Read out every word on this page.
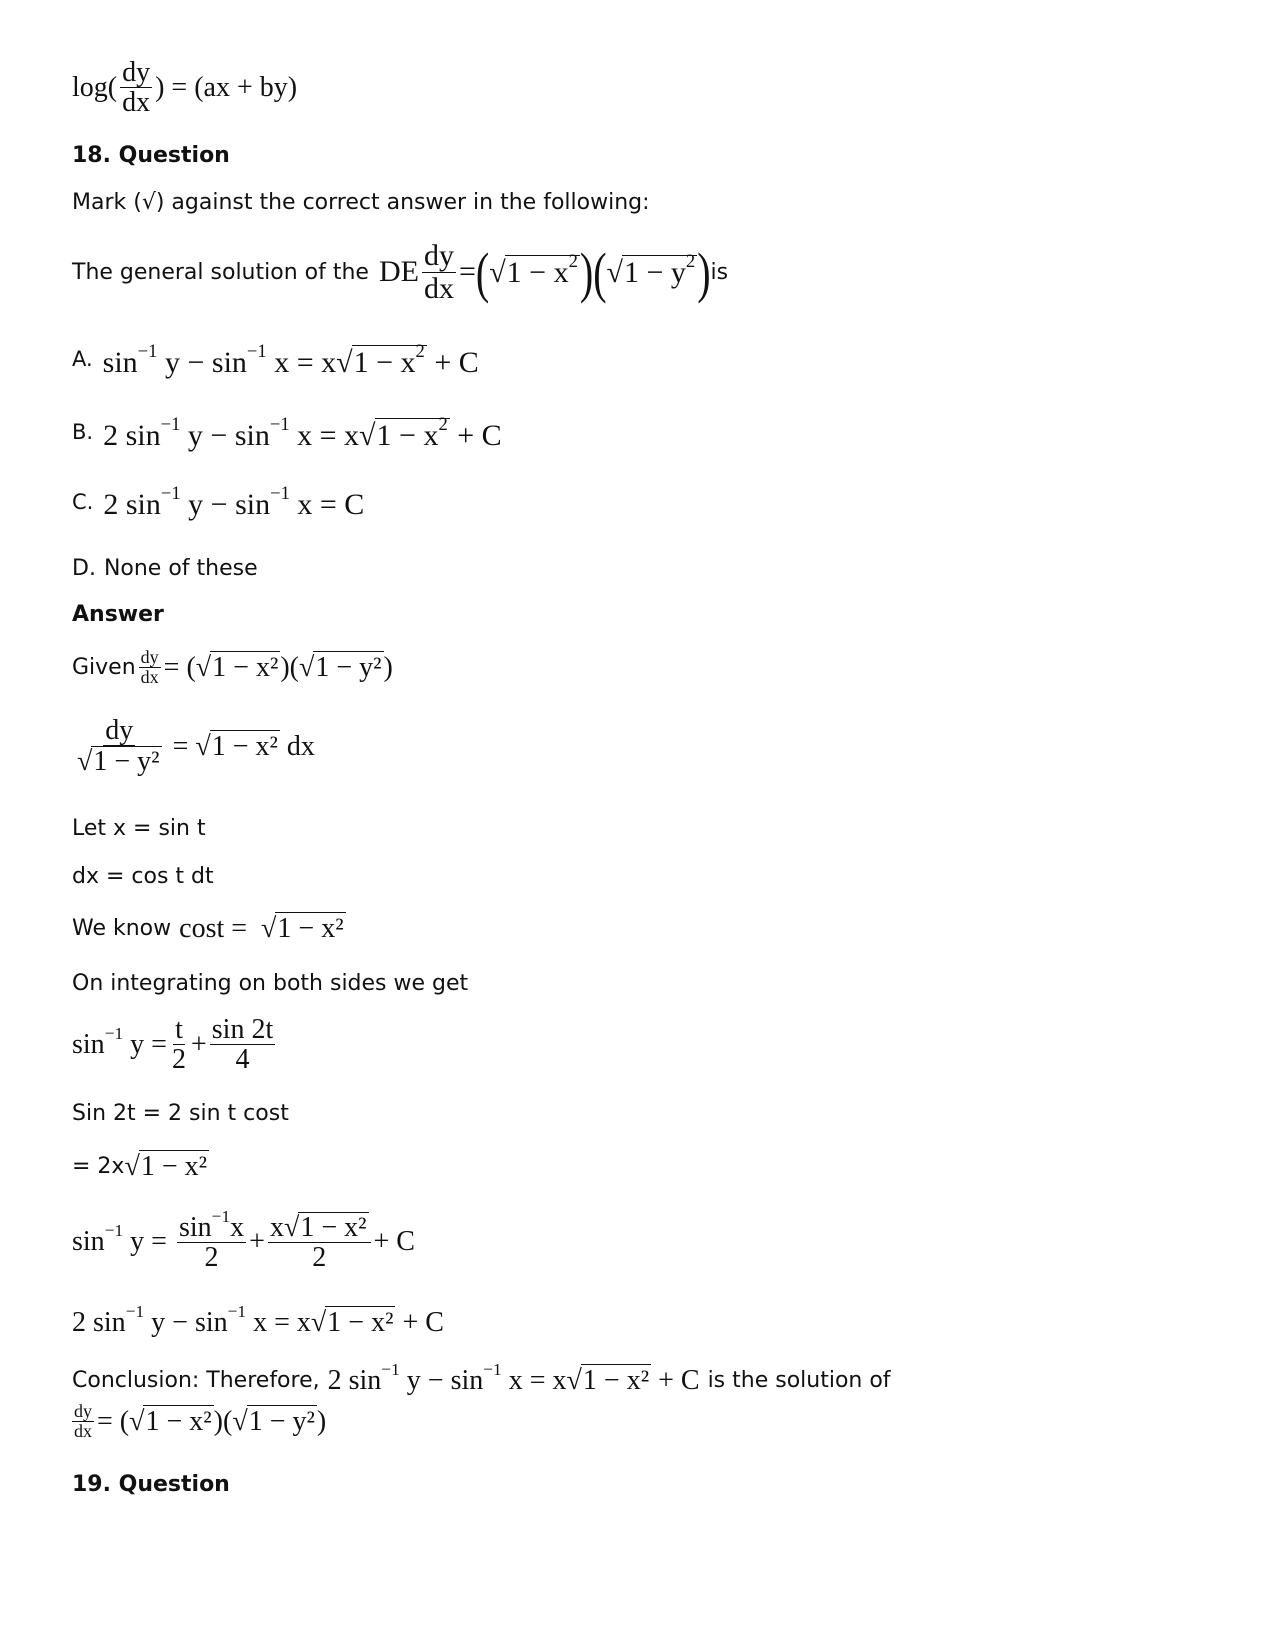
$\log( \frac{dy}{dx}$ ) = (ax + by)
18. Question
Mark (√) against the correct answer in the following:
The general solution of the DE $\frac{dy}{dx}$ = ( $√1 - x^2$ ) ( $√1 - y^2$ ) is
A. $\sin^{-1} y - \sin^{-1} x = x√1 - x^2 + C$
B. 2 $\sin^{-1} y - \sin^{-1} x = x√1 - x^2 + C$
C. 2 $\sin^{-1} y - \sin^{-1} x = C$
D. None of these
Answer
Given $\frac{dy}{dx} = (√1 - x^2)(√1 - y^2)$
$\frac{dy}{\text{√1 − y²}} = √1 - x^2$ dx
Let x = sin t
dx = cos t dt
We know cost = √1 − x²
On integrating on both sides we get
$\sin^{-1} y = \frac{t}{2} + \frac{\sin 2t}{4}$
Sin 2t = 2 sin t cost
= 2x √1 − x²
$\sin^{-1} y = \frac{\sin^{-1}x}{2} + \frac{\text{x√1 − x²}}{2} + C$
2 $\sin^{-1} y - \sin^{-1} x = x√1 - x^2 + C$
Conclusion: Therefore, 2 $\sin^{-1} y - \sin^{-1} x = x√1 - x^2 + C$ is the solution of
$\frac{dy}{dx} = (√1 - x^2)(√1 - y^2)$
19. Question
